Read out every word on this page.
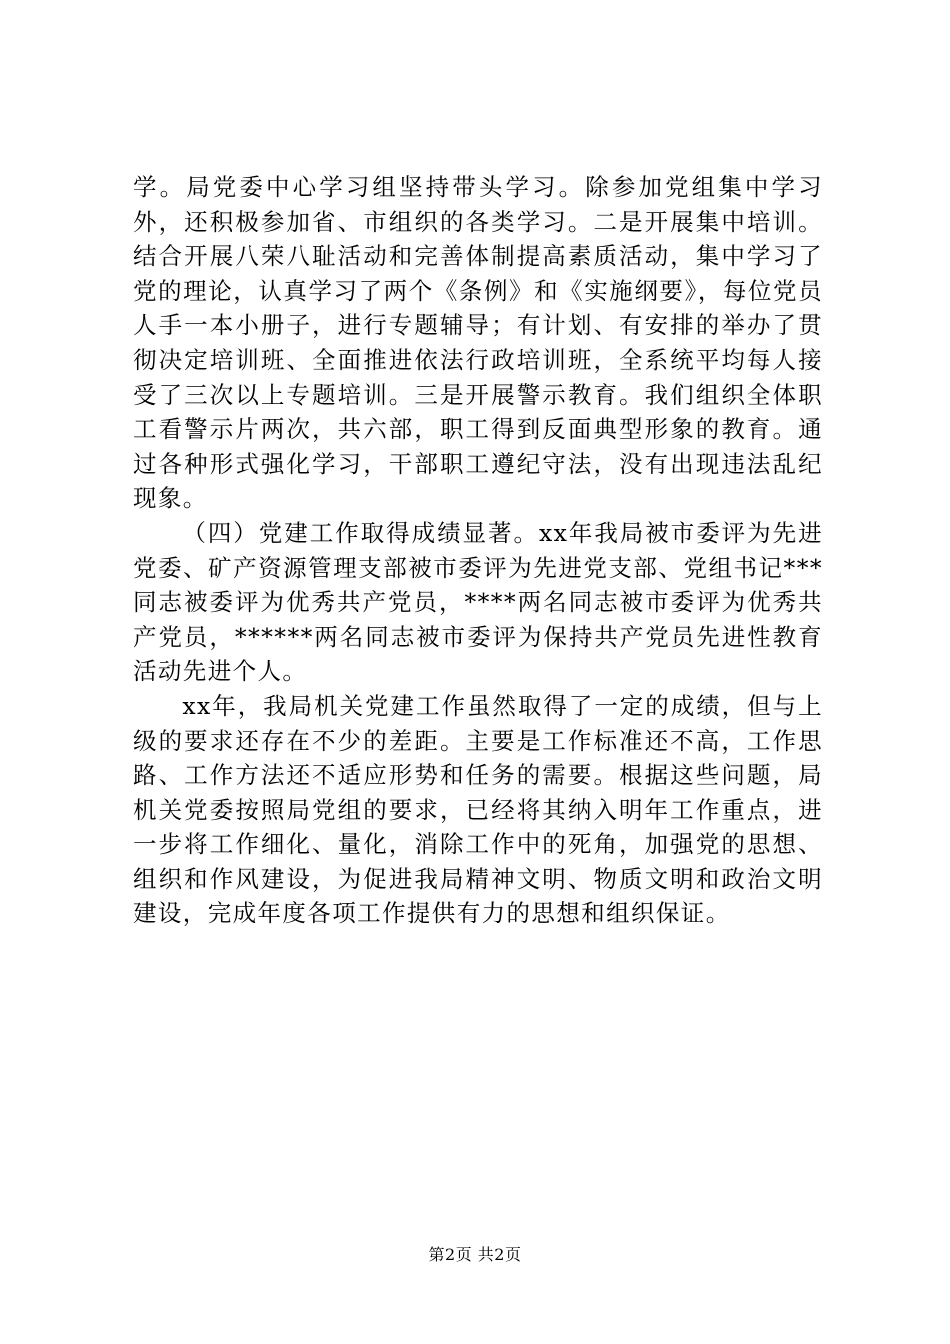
学。局党委中心学习组坚持带头学习。除参加党组集中学习外，还积极参加省、市组织的各类学习。二是开展集中培训。结合开展八荣八耻活动和完善体制提高素质活动，集中学习了党的理论，认真学习了两个《条例》和《实施纲要》，每位党员人手一本小册子，进行专题辅导；有计划、有安排的举办了贯彻决定培训班、全面推进依法行政培训班，全系统平均每人接受了三次以上专题培训。三是开展警示教育。我们组织全体职工看警示片两次，共六部，职工得到反面典型形象的教育。通过各种形式强化学习，干部职工遵纪守法，没有出现违法乱纪现象。

（四）党建工作取得成绩显著。xx年我局被市委评为先进党委、矿产资源管理支部被市委评为先进党支部、党组书记***同志被委评为优秀共产党员，****两名同志被市委评为优秀共产党员，******两名同志被市委评为保持共产党员先进性教育活动先进个人。

xx年，我局机关党建工作虽然取得了一定的成绩，但与上级的要求还存在不少的差距。主要是工作标准还不高，工作思路、工作方法还不适应形势和任务的需要。根据这些问题，局机关党委按照局党组的要求，已经将其纳入明年工作重点，进一步将工作细化、量化，消除工作中的死角，加强党的思想、组织和作风建设，为促进我局精神文明、物质文明和政治文明建设，完成年度各项工作提供有力的思想和组织保证。

第2页 共2页
